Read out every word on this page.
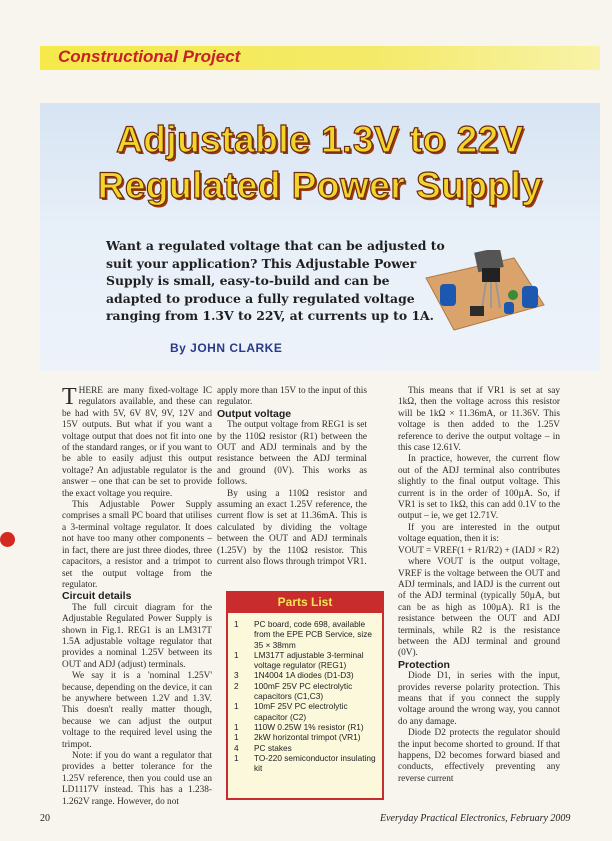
Constructional Project
Adjustable 1.3V to 22V
Regulated Power Supply
Want a regulated voltage that can be adjusted to suit your application? This Adjustable Power Supply is small, easy-to-build and can be adapted to produce a fully regulated voltage ranging from 1.3V to 22V, at currents up to 1A.
By JOHN CLARKE

THERE are many fixed-voltage IC regulators available, and these can be had with 5V, 6V 8V, 9V, 12V and 15V outputs. But what if you want a voltage output that does not fit into one of the standard ranges, or if you want to be able to easily adjust this output voltage? An adjustable regulator is the answer – one that can be set to provide the exact voltage you require.

This Adjustable Power Supply comprises a small PC board that utilises a 3-terminal voltage regulator. It does not have too many other components – in fact, there are just three diodes, three capacitors, a resistor and a trimpot to set the output voltage from the regulator.

Circuit details

The full circuit diagram for the Adjustable Regulated Power Supply is shown in Fig.1. REG1 is an LM317T 1.5A adjustable voltage regulator that provides a nominal 1.25V between its OUT and ADJ (adjust) terminals.

We say it is a 'nominal 1.25V' because, depending on the device, it can be anywhere between 1.2V and 1.3V. This doesn't really matter though, because we can adjust the output voltage to the required level using the trimpot.

Note: if you do want a regulator that provides a better tolerance for the 1.25V reference, then you could use an LD1117V instead. This has a 1.238-1.262V range. However, do not

apply more than 15V to the input of this regulator.

Output voltage

The output voltage from REG1 is set by the 110Ω resistor (R1) between the OUT and ADJ terminals and by the resistance between the ADJ terminal and ground (0V). This works as follows.

By using a 110Ω resistor and assuming an exact 1.25V reference, the current flow is set at 11.36mA. This is calculated by dividing the voltage between the OUT and ADJ terminals (1.25V) by the 110Ω resistor. This current also flows through trimpot VR1.

Parts List

1 PC board, code 698, available from the EPE PCB Service, size 35 × 38mm

1 LM317T adjustable 3-terminal voltage regulator (REG1)

3 1N4004 1A diodes (D1-D3)

2 100mF 25V PC electrolytic capacitors (C1,C3)

1 10mF 25V PC electrolytic capacitor (C2)

1 110W 0.25W 1% resistor (R1)

1 2kW horizontal trimpot (VR1)

4 PC stakes

1 TO-220 semiconductor insulating kit

This means that if VR1 is set at say 1kΩ, then the voltage across this resistor will be 1kΩ × 11.36mA, or 11.36V. This voltage is then added to the 1.25V reference to derive the output voltage – in this case 12.61V.

In practice, however, the current flow out of the ADJ terminal also contributes slightly to the final output voltage. This current is in the order of 100µA. So, if VR1 is set to 1kΩ, this can add 0.1V to the output – ie, we get 12.71V.

If you are interested in the output voltage equation, then it is:

VOUT = VREF(1 + R1/R2) + (IADJ × R2)

where VOUT is the output voltage, VREF is the voltage between the OUT and ADJ terminals, and IADJ is the current out of the ADJ terminal (typically 50µA, but can be as high as 100µA). R1 is the resistance between the OUT and ADJ terminals, while R2 is the resistance between the ADJ terminal and ground (0V).

Protection

Diode D1, in series with the input, provides reverse polarity protection. This means that if you connect the supply voltage around the wrong way, you cannot do any damage.

Diode D2 protects the regulator should the input become shorted to ground. If that happens, D2 becomes forward biased and conducts, effectively preventing any reverse current

20	Everyday Practical Electronics, February 2009
